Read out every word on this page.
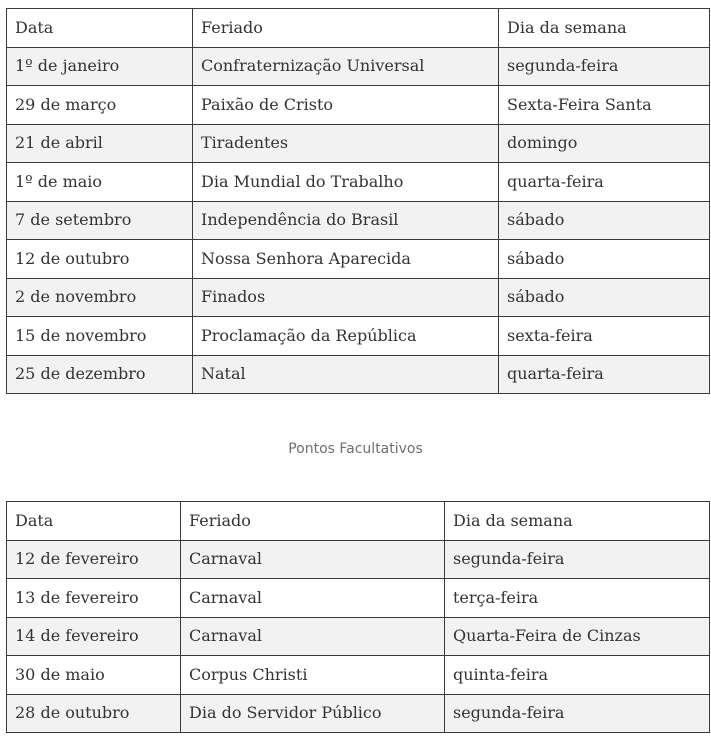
Data	Feriado	Dia da semana
1º de janeiro	Confraternização Universal	segunda-feira
29 de março	Paixão de Cristo	Sexta-Feira Santa
21 de abril	Tiradentes	domingo
1º de maio	Dia Mundial do Trabalho	quarta-feira
7 de setembro	Independência do Brasil	sábado
12 de outubro	Nossa Senhora Aparecida	sábado
2 de novembro	Finados	sábado
15 de novembro	Proclamação da República	sexta-feira
25 de dezembro	Natal	quarta-feira
Pontos Facultativos
Data	Feriado	Dia da semana
12 de fevereiro	Carnaval	segunda-feira
13 de fevereiro	Carnaval	terça-feira
14 de fevereiro	Carnaval	Quarta-Feira de Cinzas
30 de maio	Corpus Christi	quinta-feira
28 de outubro	Dia do Servidor Público	segunda-feira
